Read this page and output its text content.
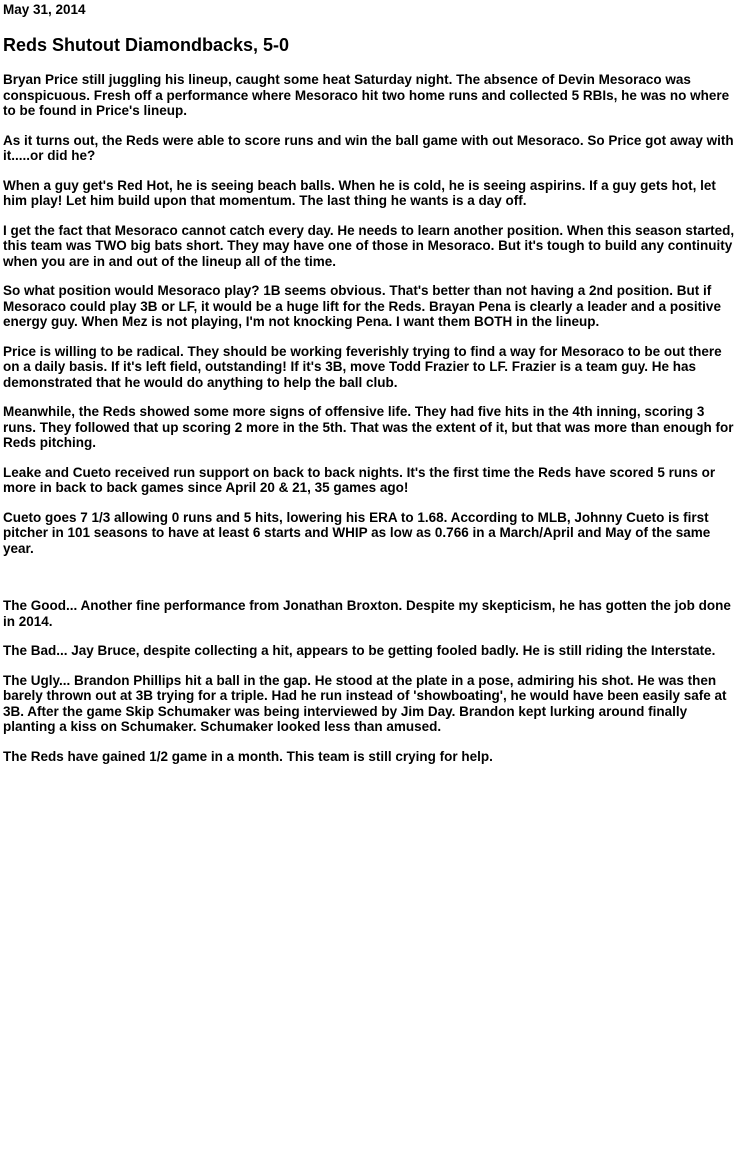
May 31, 2014

Reds Shutout Diamondbacks, 5-0

Bryan Price still juggling his lineup, caught some heat Saturday night. The absence of Devin Mesoraco was conspicuous. Fresh off a performance where Mesoraco hit two home runs and collected 5 RBIs, he was no where to be found in Price's lineup.

As it turns out, the Reds were able to score runs and win the ball game with out Mesoraco. So Price got away with it.....or did he?

When a guy get's Red Hot, he is seeing beach balls. When he is cold, he is seeing aspirins. If a guy gets hot, let him play! Let him build upon that momentum. The last thing he wants is a day off.

I get the fact that Mesoraco cannot catch every day. He needs to learn another position. When this season started, this team was TWO big bats short. They may have one of those in Mesoraco. But it's tough to build any continuity when you are in and out of the lineup all of the time.

So what position would Mesoraco play? 1B seems obvious. That's better than not having a 2nd position. But if Mesoraco could play 3B or LF, it would be a huge lift for the Reds. Brayan Pena is clearly a leader and a positive energy guy. When Mez is not playing, I'm not knocking Pena. I want them BOTH in the lineup.

Price is willing to be radical. They should be working feverishly trying to find a way for Mesoraco to be out there on a daily basis. If it's left field, outstanding! If it's 3B, move Todd Frazier to LF. Frazier is a team guy. He has demonstrated that he would do anything to help the ball club.

Meanwhile, the Reds showed some more signs of offensive life. They had five hits in the 4th inning, scoring 3 runs. They followed that up scoring 2 more in the 5th. That was the extent of it, but that was more than enough for Reds pitching.

Leake and Cueto received run support on back to back nights. It's the first time the Reds have scored 5 runs or more in back to back games since April 20 & 21, 35 games ago!

Cueto goes 7 1/3 allowing 0 runs and 5 hits, lowering his ERA to 1.68. According to MLB, Johnny Cueto is first pitcher in 101 seasons to have at least 6 starts and WHIP as low as 0.766 in a March/April and May of the same year.

The Good... Another fine performance from Jonathan Broxton. Despite my skepticism, he has gotten the job done in 2014.

The Bad... Jay Bruce, despite collecting a hit, appears to be getting fooled badly. He is still riding the Interstate.

The Ugly... Brandon Phillips hit a ball in the gap. He stood at the plate in a pose, admiring his shot. He was then barely thrown out at 3B trying for a triple. Had he run instead of 'showboating', he would have been easily safe at 3B. After the game Skip Schumaker was being interviewed by Jim Day. Brandon kept lurking around finally planting a kiss on Schumaker. Schumaker looked less than amused.

The Reds have gained 1/2 game in a month. This team is still crying for help.
